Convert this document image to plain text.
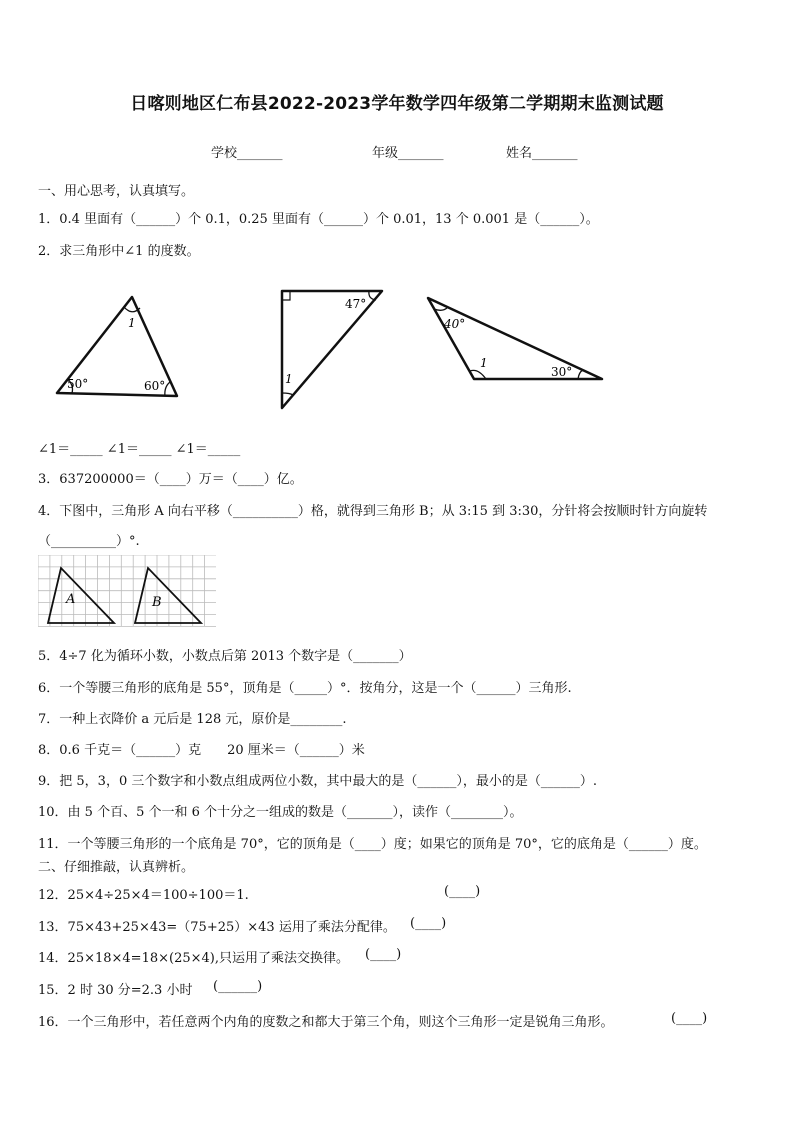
日喀则地区仁布县2022-2023学年数学四年级第二学期期末监测试题
学校_______	年级_______	姓名_______
一、用心思考，认真填写。
1．0.4 里面有（______）个 0.1，0.25 里面有（______）个 0.01，13 个 0.001 是（______）。
2．求三角形中∠1 的度数。
1
50°	60°
47°
1
40°
1
30°
∠1＝_____ ∠1＝_____ ∠1＝_____
3．637200000＝（____）万＝（____）亿。
4．下图中，三角形 A 向右平移（__________）格，就得到三角形 B；从 3:15 到 3:30，分针将会按顺时针方向旋转
（__________）°.
A	B
5．4÷7 化为循环小数，小数点后第 2013 个数字是（_______）
6．一个等腰三角形的底角是 55°，顶角是（_____）°．按角分，这是一个（______）三角形.
7．一种上衣降价 a 元后是 128 元，原价是________.
8．0.6 千克＝（______）克　　20 厘米＝（______）米
9．把 5，3，0 三个数字和小数点组成两位小数，其中最大的是（______），最小的是（______）.
10．由 5 个百、5 个一和 6 个十分之一组成的数是（_______），读作（________）。
11．一个等腰三角形的一个底角是 70°，它的顶角是（____）度；如果它的顶角是 70°，它的底角是（______）度。
二、仔细推敲，认真辨析。
12．25×4÷25×4＝100÷100＝1.	(____)
13．75×43+25×43=（75+25）×43 运用了乘法分配律。 (____)
14．25×18×4=18×(25×4),只运用了乘法交换律。 (____)
15．2 时 30 分=2.3 小时 (______)
16．一个三角形中，若任意两个内角的度数之和都大于第三个角，则这个三角形一定是锐角三角形。	(____)
